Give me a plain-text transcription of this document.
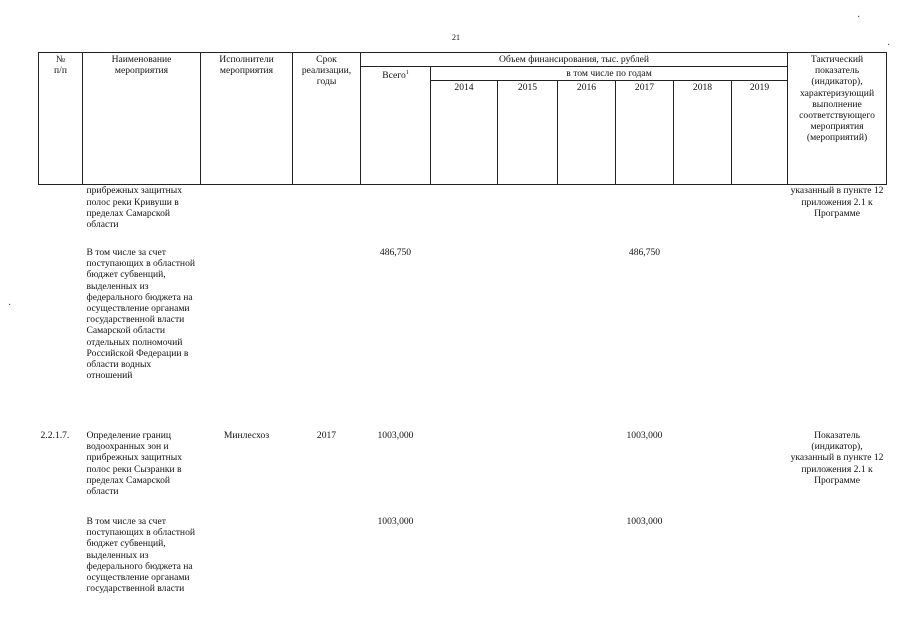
21
№
п/п	Наименование мероприятия	Исполнители мероприятия	Срок реализации, годы	Объем финансирования, тыс. рублей							Тактический показатель (индикатор), характеризующий выполнение соответствующего мероприятия (мероприятий)
				Всего$^1$	в том числе по годам						
					2014	2015	2016	2017	2018	2019	
	прибрежных защитных полос реки Кривуши в пределах Самарской области										указанный в пункте 12 приложения 2.1 к Программе
	В том числе за счет поступающих в областной бюджет субвенций, выделенных из федерального бюджета на осуществление органами государственной власти Самарской области отдельных полномочий Российской Федерации в области водных отношений			486,750				486,750			
2.2.1.7.	Определение границ водоохранных зон и прибрежных защитных полос реки Сызранки в пределах Самарской области	Минлесхоз	2017	1003,000				1003,000			Показатель (индикатор), указанный в пункте 12 приложения 2.1 к Программе
	В том числе за счет поступающих в областной бюджет субвенций, выделенных из федерального бюджета на осуществление органами государственной власти			1003,000				1003,000			
·
·
·
